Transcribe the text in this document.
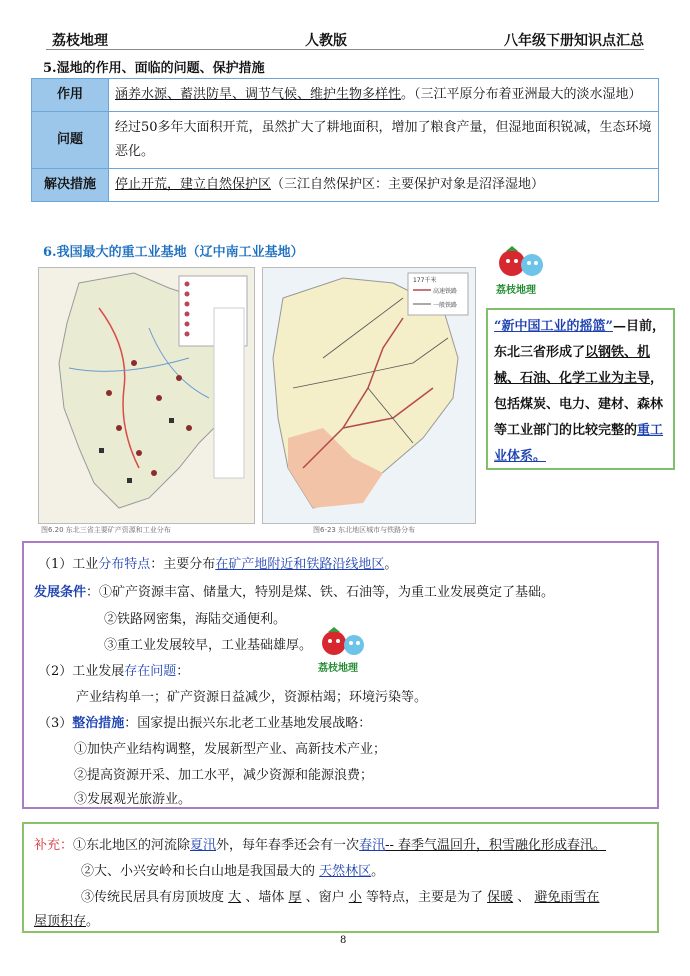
荔枝地理	人教版	八年级下册知识点汇总
5.湿地的作用、面临的问题、保护措施
作用	涵养水源、蓄洪防旱、调节气候、维护生物多样性。（三江平原分布着亚洲最大的淡水湿地）
问题	经过50多年大面积开荒，虽然扩大了耕地面积，增加了粮食产量，但湿地面积锐减，生态环境恶化。
解决措施	停止开荒，建立自然保护区（三江自然保护区：主要保护对象是沼泽湿地）
6.我国最大的重工业基地（辽中南工业基地）
图6.20 东北三省主要矿产资源和工业分布
高速铁路
一般铁路
177千米
图6-23 东北地区城市与铁路分布
荔枝地理
“新中国工业的摇篮”—目前，东北三省形成了以钢铁、机械、石油、化学工业为主导，包括煤炭、电力、建材、森林等工业部门的比较完整的重工业体系。
（1）工业分布特点：主要分布在矿产地附近和铁路沿线地区。
发展条件：①矿产资源丰富、储量大，特别是煤、铁、石油等，为重工业发展奠定了基础。
②铁路网密集，海陆交通便利。
③重工业发展较早，工业基础雄厚。
（2）工业发展存在问题：
产业结构单一；矿产资源日益减少，资源枯竭；环境污染等。
（3）整治措施：国家提出振兴东北老工业基地发展战略：
①加快产业结构调整，发展新型产业、高新技术产业；
②提高资源开采、加工水平，减少资源和能源浪费；
③发展观光旅游业。
荔枝地理
补充：①东北地区的河流除夏汛外，每年春季还会有一次春汛-- 春季气温回升，积雪融化形成春汛。
②大、小兴安岭和长白山地是我国最大的 天然林区。
③传统民居具有房顶坡度 大 、墙体 厚 、窗户 小 等特点，主要是为了 保暖 、 避免雨雪在
屋顶积存。
8
